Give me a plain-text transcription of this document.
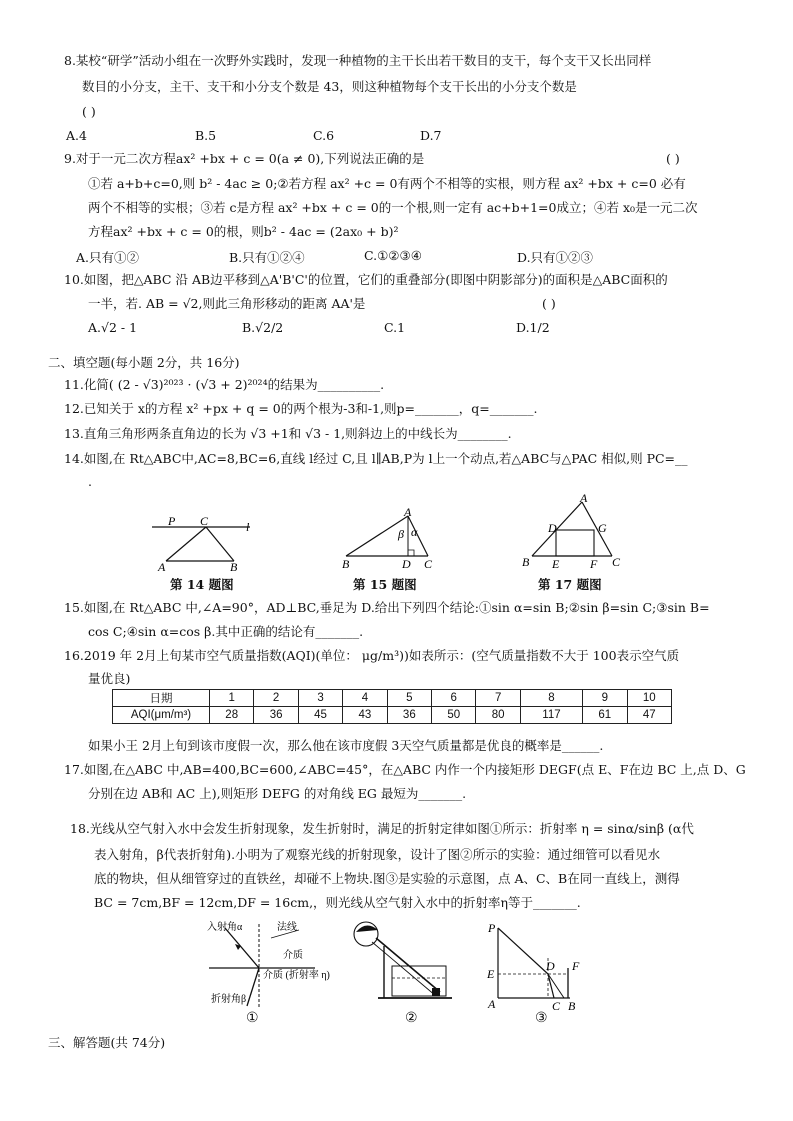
8.某校“研学”活动小组在一次野外实践时，发现一种植物的主干长出若干数目的支干，每个支干又长出同样
数目的小分支，主干、支干和小分支个数是 43，则这种植物每个支干长出的小分支个数是
( )
A.4	B.5	C.6	D.7
9.对于一元二次方程ax² +bx + c = 0(a ≠ 0),下列说法正确的是	( )
①若 a+b+c=0,则 b² - 4ac ≥ 0;②若方程 ax² +c = 0有两个不相等的实根，则方程 ax² +bx + c=0 必有
两个不相等的实根；③若 c是方程 ax² +bx + c = 0的一个根,则一定有 ac+b+1=0成立；④若 x₀是一元二次
方程ax² +bx + c = 0的根，则b² - 4ac = (2ax₀ + b)²
A.只有①②	B.只有①②④	C.①②③④	D.只有①②③
10.如图，把△ABC 沿 AB边平移到△A'B'C'的位置，它们的重叠部分(即图中阴影部分)的面积是△ABC面积的
一半，若. AB = √2,则此三角形移动的距离 AA'是	( )
A.√2 - 1	B.√2/2	C.1	D.1/2
二、填空题(每小题 2分，共 16分)
11.化简( (2 - √3)²⁰²³ · (√3 + 2)²⁰²⁴的结果为__________.
12.已知关于 x的方程 x² +px + q = 0的两个根为-3和-1,则p=_______，q=_______.
13.直角三角形两条直角边的长为 √3 +1和 √3 - 1,则斜边上的中线长为________.
14.如图,在 Rt△ABC中,AC=8,BC=6,直线 l经过 C,且 l∥AB,P为 l上一个动点,若△ABC与△PAC 相似,则 PC=__
.
P C	l
A	B
第 14 题图
A
B	D C
β α
第 15 题图
A
D	G
B E	F C
第 17 题图
15.如图,在 Rt△ABC 中,∠A=90°，AD⊥BC,垂足为 D.给出下列四个结论:①sin α=sin B;②sin β=sin C;③sin B=
cos C;④sin α=cos β.其中正确的结论有_______.
16.2019 年 2月上旬某市空气质量指数(AQI)(单位： μg/m³))如表所示：(空气质量指数不大于 100表示空气质
量优良)
日期	1	2	3	4	5	6	7	8	9	10
AQI(μm/m³)	28	36	45	43	36	50	80	117	61	47
如果小王 2月上旬到该市度假一次，那么他在该市度假 3天空气质量都是优良的概率是______.
17.如图,在△ABC 中,AB=400,BC=600,∠ABC=45°，在△ABC 内作一个内接矩形 DEGF(点 E、F在边 BC 上,点 D、G
分别在边 AB和 AC 上),则矩形 DEFG 的对角线 EG 最短为_______.
18.光线从空气射入水中会发生折射现象，发生折射时，满足的折射定律如图①所示：折射率 η = sinα/sinβ (α代
表入射角，β代表折射角).小明为了观察光线的折射现象，设计了图②所示的实验：通过细管可以看见水
底的物块，但从细管穿过的直铁丝，却碰不上物块.图③是实验的示意图，点 A、C、B在同一直线上，测得
BC = 7cm,BF = 12cm,DF = 16cm,，则光线从空气射入水中的折射率η等于_______.
入射角α	法线
介质
介质 (折射率 η)
折射角β
①	②
P
E
A
D
C B
F
③
三、解答题(共 74分)
